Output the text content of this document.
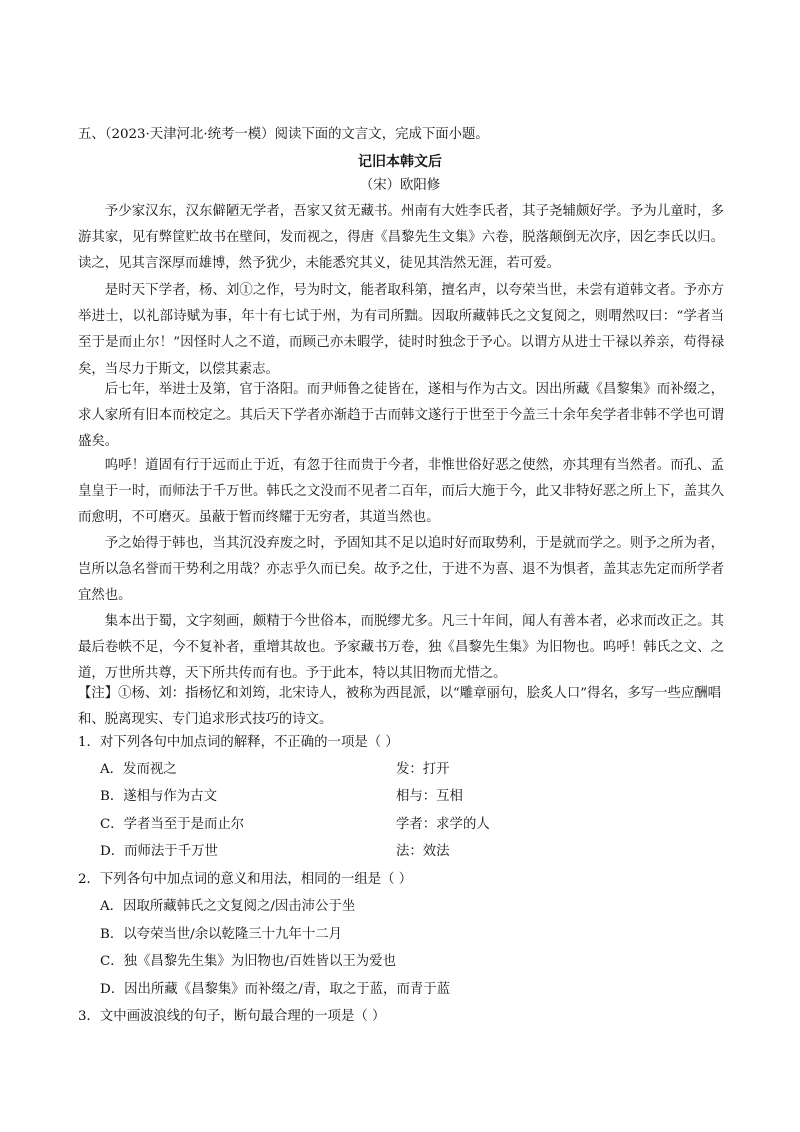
五、（2023·天津河北·统考一模）阅读下面的文言文，完成下面小题。
记旧本韩文后
（宋）欧阳修
予少家汉东，汉东僻陋无学者，吾家又贫无藏书。州南有大姓李氏者，其子尧辅颇好学。予为儿童时，多游其家，见有弊筐贮故书在壁间，发而视之，得唐《昌黎先生文集》六卷，脱落颠倒无次序，因乞李氏以归。读之，见其言深厚而雄博，然予犹少，未能悉究其义，徒见其浩然无涯，若可爱。
是时天下学者，杨、刘①之作，号为时文，能者取科第，擅名声，以夸荣当世，未尝有道韩文者。予亦方举进士，以礼部诗赋为事，年十有七试于州，为有司所黜。因取所藏韩氏之文复阅之，则喟然叹曰：“学者当至于是而止尔！”因怪时人之不道，而顾己亦未暇学，徒时时独念于予心。以谓方从进士干禄以养亲，苟得禄矣，当尽力于斯文，以偿其素志。
后七年，举进士及第，官于洛阳。而尹师鲁之徒皆在，遂相与作为古文。因出所藏《昌黎集》而补缀之，求人家所有旧本而校定之。其后天下学者亦渐趋于古而韩文遂行于世至于今盖三十余年矣学者非韩不学也可谓盛矣。
呜呼！道固有行于远而止于近，有忽于往而贵于今者，非惟世俗好恶之使然，亦其理有当然者。而孔、孟皇皇于一时，而师法于千万世。韩氏之文没而不见者二百年，而后大施于今，此又非特好恶之所上下，盖其久而愈明，不可磨灭。虽蔽于暂而终耀于无穷者，其道当然也。
予之始得于韩也，当其沉没弃废之时，予固知其不足以追时好而取势利，于是就而学之。则予之所为者，岂所以急名誉而干势利之用哉？亦志乎久而已矣。故予之仕，于进不为喜、退不为惧者，盖其志先定而所学者宜然也。
集本出于蜀，文字刻画，颇精于今世俗本，而脱缪尤多。凡三十年间，闻人有善本者，必求而改正之。其最后卷帙不足，今不复补者，重增其故也。予家藏书万卷，独《昌黎先生集》为旧物也。呜呼！韩氏之文、之道，万世所共尊，天下所共传而有也。予于此本，特以其旧物而尤惜之。
【注】①杨、刘：指杨忆和刘筠，北宋诗人，被称为西昆派，以“雕章丽句，脍炙人口”得名，多写一些应酬唱和、脱离现实、专门追求形式技巧的诗文。
1．对下列各句中加点词的解释，不正确的一项是（ ）
A．发而视之	发：打开
B．遂相与作为古文	相与：互相
C．学者当至于是而止尔	学者：求学的人
D．而师法于千万世	法：效法
2．下列各句中加点词的意义和用法，相同的一组是（ ）
A．因取所藏韩氏之文复阅之/因击沛公于坐
B．以夸荣当世/余以乾隆三十九年十二月
C．独《昌黎先生集》为旧物也/百姓皆以王为爱也
D．因出所藏《昌黎集》而补缀之/青，取之于蓝，而青于蓝
3．文中画波浪线的句子，断句最合理的一项是（ ）
